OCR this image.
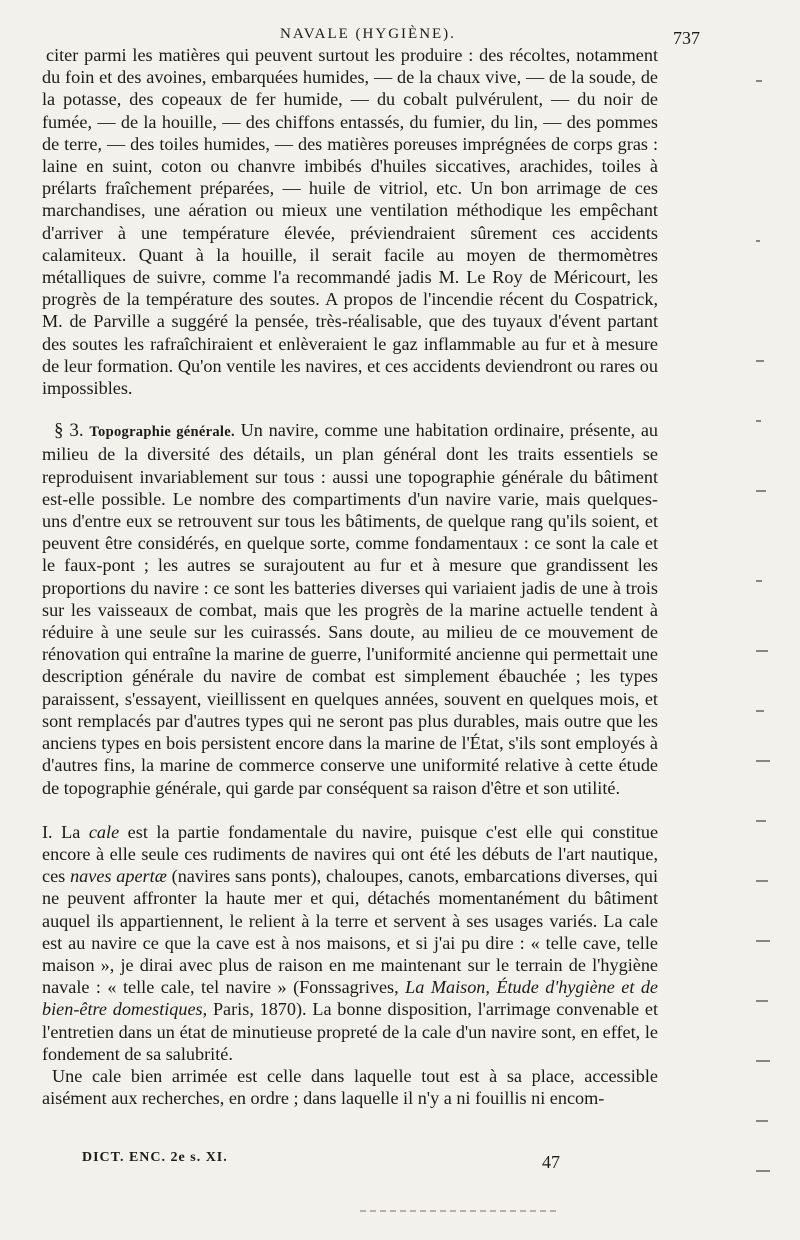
NAVALE (HYGIÈNE).	737

citer parmi les matières qui peuvent surtout les produire : des récoltes, notamment du foin et des avoines, embarquées humides, — de la chaux vive, — de la soude, de la potasse, des copeaux de fer humide, — du cobalt pulvérulent, — du noir de fumée, — de la houille, — des chiffons entassés, du fumier, du lin, — des pommes de terre, — des toiles humides, — des matières poreuses imprégnées de corps gras : laine en suint, coton ou chanvre imbibés d'huiles siccatives, arachides, toiles à prélarts fraîchement préparées, — huile de vitriol, etc. Un bon arrimage de ces marchandises, une aération ou mieux une ventilation méthodique les empêchant d'arriver à une température élevée, préviendraient sûrement ces accidents calamiteux. Quant à la houille, il serait facile au moyen de thermomètres métalliques de suivre, comme l'a recommandé jadis M. Le Roy de Méricourt, les progrès de la température des soutes. A propos de l'incendie récent du Cospatrick, M. de Parville a suggéré la pensée, très-réalisable, que des tuyaux d'évent partant des soutes les rafraîchiraient et enlèveraient le gaz inflammable au fur et à mesure de leur formation. Qu'on ventile les navires, et ces accidents deviendront ou rares ou impossibles.

§ 3. Topographie générale. Un navire, comme une habitation ordinaire, présente, au milieu de la diversité des détails, un plan général dont les traits essentiels se reproduisent invariablement sur tous : aussi une topographie générale du bâtiment est-elle possible. Le nombre des compartiments d'un navire varie, mais quelques-uns d'entre eux se retrouvent sur tous les bâtiments, de quelque rang qu'ils soient, et peuvent être considérés, en quelque sorte, comme fondamentaux : ce sont la cale et le faux-pont ; les autres se surajoutent au fur et à mesure que grandissent les proportions du navire : ce sont les batteries diverses qui variaient jadis de une à trois sur les vaisseaux de combat, mais que les progrès de la marine actuelle tendent à réduire à une seule sur les cuirassés. Sans doute, au milieu de ce mouvement de rénovation qui entraîne la marine de guerre, l'uniformité ancienne qui permettait une description générale du navire de combat est simplement ébauchée ; les types paraissent, s'essayent, vieillissent en quelques années, souvent en quelques mois, et sont remplacés par d'autres types qui ne seront pas plus durables, mais outre que les anciens types en bois persistent encore dans la marine de l'État, s'ils sont employés à d'autres fins, la marine de commerce conserve une uniformité relative à cette étude de topographie générale, qui garde par conséquent sa raison d'être et son utilité.

I. La cale est la partie fondamentale du navire, puisque c'est elle qui constitue encore à elle seule ces rudiments de navires qui ont été les débuts de l'art nautique, ces naves apertæ (navires sans ponts), chaloupes, canots, embarcations diverses, qui ne peuvent affronter la haute mer et qui, détachés momentanément du bâtiment auquel ils appartiennent, le relient à la terre et servent à ses usages variés. La cale est au navire ce que la cave est à nos maisons, et si j'ai pu dire : « telle cave, telle maison », je dirai avec plus de raison en me maintenant sur le terrain de l'hygiène navale : « telle cale, tel navire » (Fonssagrives, La Maison, Étude d'hygiène et de bien-être domestiques, Paris, 1870). La bonne disposition, l'arrimage convenable et l'entretien dans un état de minutieuse propreté de la cale d'un navire sont, en effet, le fondement de sa salubrité.

Une cale bien arrimée est celle dans laquelle tout est à sa place, accessible aisément aux recherches, en ordre ; dans laquelle il n'y a ni fouillis ni encom-

DICT. ENC. 2e s. XI.	47
